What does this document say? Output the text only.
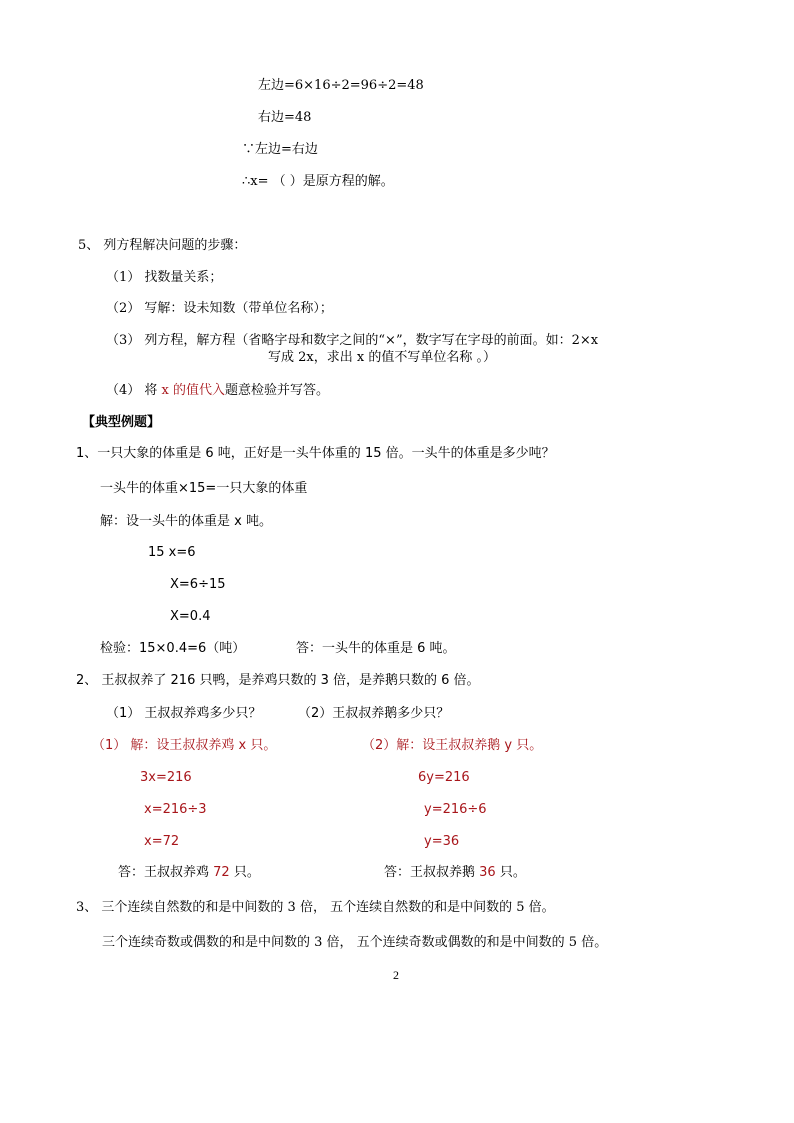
左边=6×16÷2=96÷2=48
右边=48
∵左边=右边
∴x= （ ）是原方程的解。
5、 列方程解决问题的步骤：
（1） 找数量关系；
（2） 写解：设未知数（带单位名称）；
（3） 列方程，解方程（省略字母和数字之间的“×”，数字写在字母的前面。如：2×x
写成 2x，求出 x 的值不写单位名称 。）
（4） 将 x 的值代入题意检验并写答。
【典型例题】
1、一只大象的体重是 6 吨，正好是一头牛体重的 15 倍。一头牛的体重是多少吨？
一头牛的体重×15=一只大象的体重
解：设一头牛的体重是 x 吨。
15 x=6
X=6÷15
X=0.4
检验：15×0.4=6（吨）	答：一头牛的体重是 6 吨。
2、 王叔叔养了 216 只鸭，是养鸡只数的 3 倍，是养鹅只数的 6 倍。
（1） 王叔叔养鸡多少只？	（2）王叔叔养鹅多少只？
（1） 解：设王叔叔养鸡 x 只。	（2）解：设王叔叔养鹅 y 只。
3x=216	6y=216
x=216÷3	y=216÷6
x=72	y=36
答：王叔叔养鸡 72 只。	答：王叔叔养鹅 36 只。
3、 三个连续自然数的和是中间数的 3 倍， 五个连续自然数的和是中间数的 5 倍。
三个连续奇数或偶数的和是中间数的 3 倍， 五个连续奇数或偶数的和是中间数的 5 倍。
2
